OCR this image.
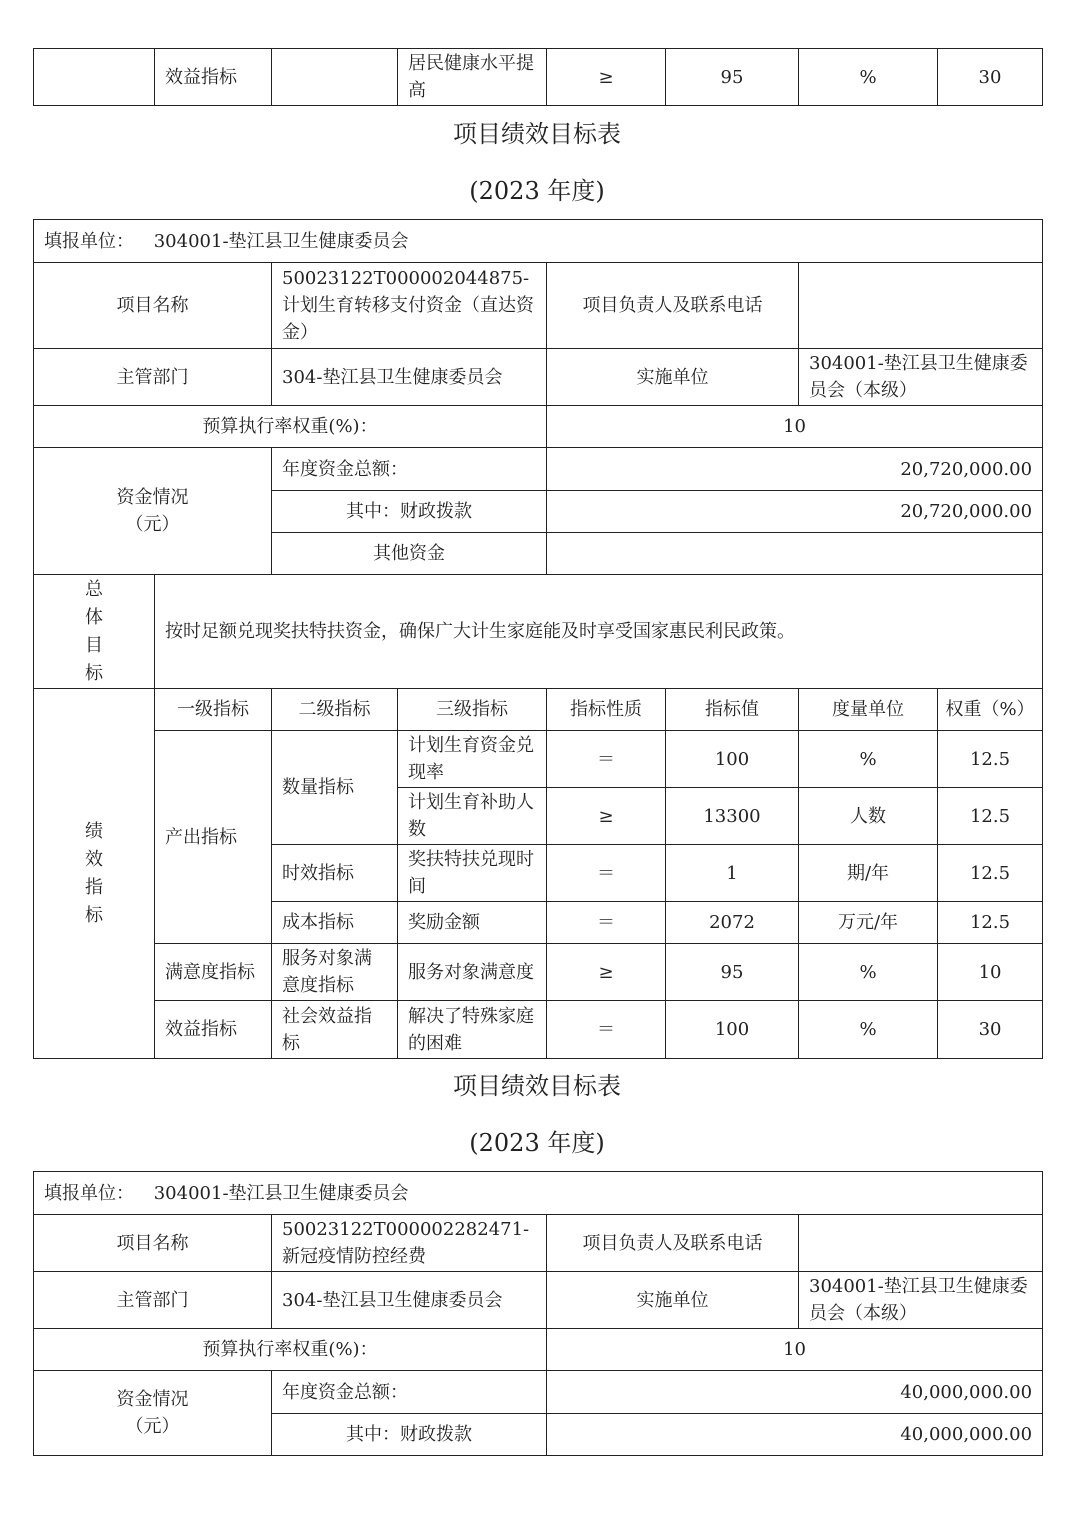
	效益指标		居民健康水平提高	≥	95	%	30
项目绩效目标表
(2023 年度)
填报单位： 304001-垫江县卫生健康委员会							
项目名称		50023122T000002044875-计划生育转移支付资金（直达资金）		项目负责人及联系电话			
主管部门		304-垫江县卫生健康委员会		实施单位		304001-垫江县卫生健康委员会（本级）	
预算执行率权重(%)：				10			

资金情况（元）		年度资金总额：		20,720,000.00			
		其中：财政拨款		20,720,000.00			
		其他资金					

总体目标	按时足额兑现奖扶特扶资金，确保广大计生家庭能及时享受国家惠民利民政策。						

绩效指标	一级指标	二级指标	三级指标	指标性质	指标值	度量单位	权重（%）
	产出指标	数量指标	计划生育资金兑现率	＝	100	%	12.5
			计划生育补助人数	≥	13300	人数	12.5
		时效指标	奖扶特扶兑现时间	＝	1	期/年	12.5
		成本指标	奖励金额	＝	2072	万元/年	12.5
	满意度指标	服务对象满意度指标	服务对象满意度	≥	95	%	10
	效益指标	社会效益指标	解决了特殊家庭的困难	＝	100	%	30
项目绩效目标表
(2023 年度)
填报单位： 304001-垫江县卫生健康委员会			
项目名称	50023122T000002282471-新冠疫情防控经费	项目负责人及联系电话	
主管部门	304-垫江县卫生健康委员会	实施单位	304001-垫江县卫生健康委员会（本级）
预算执行率权重(%)：		10	

资金情况（元）	年度资金总额：	40,000,000.00	
	其中：财政拨款	40,000,000.00	
